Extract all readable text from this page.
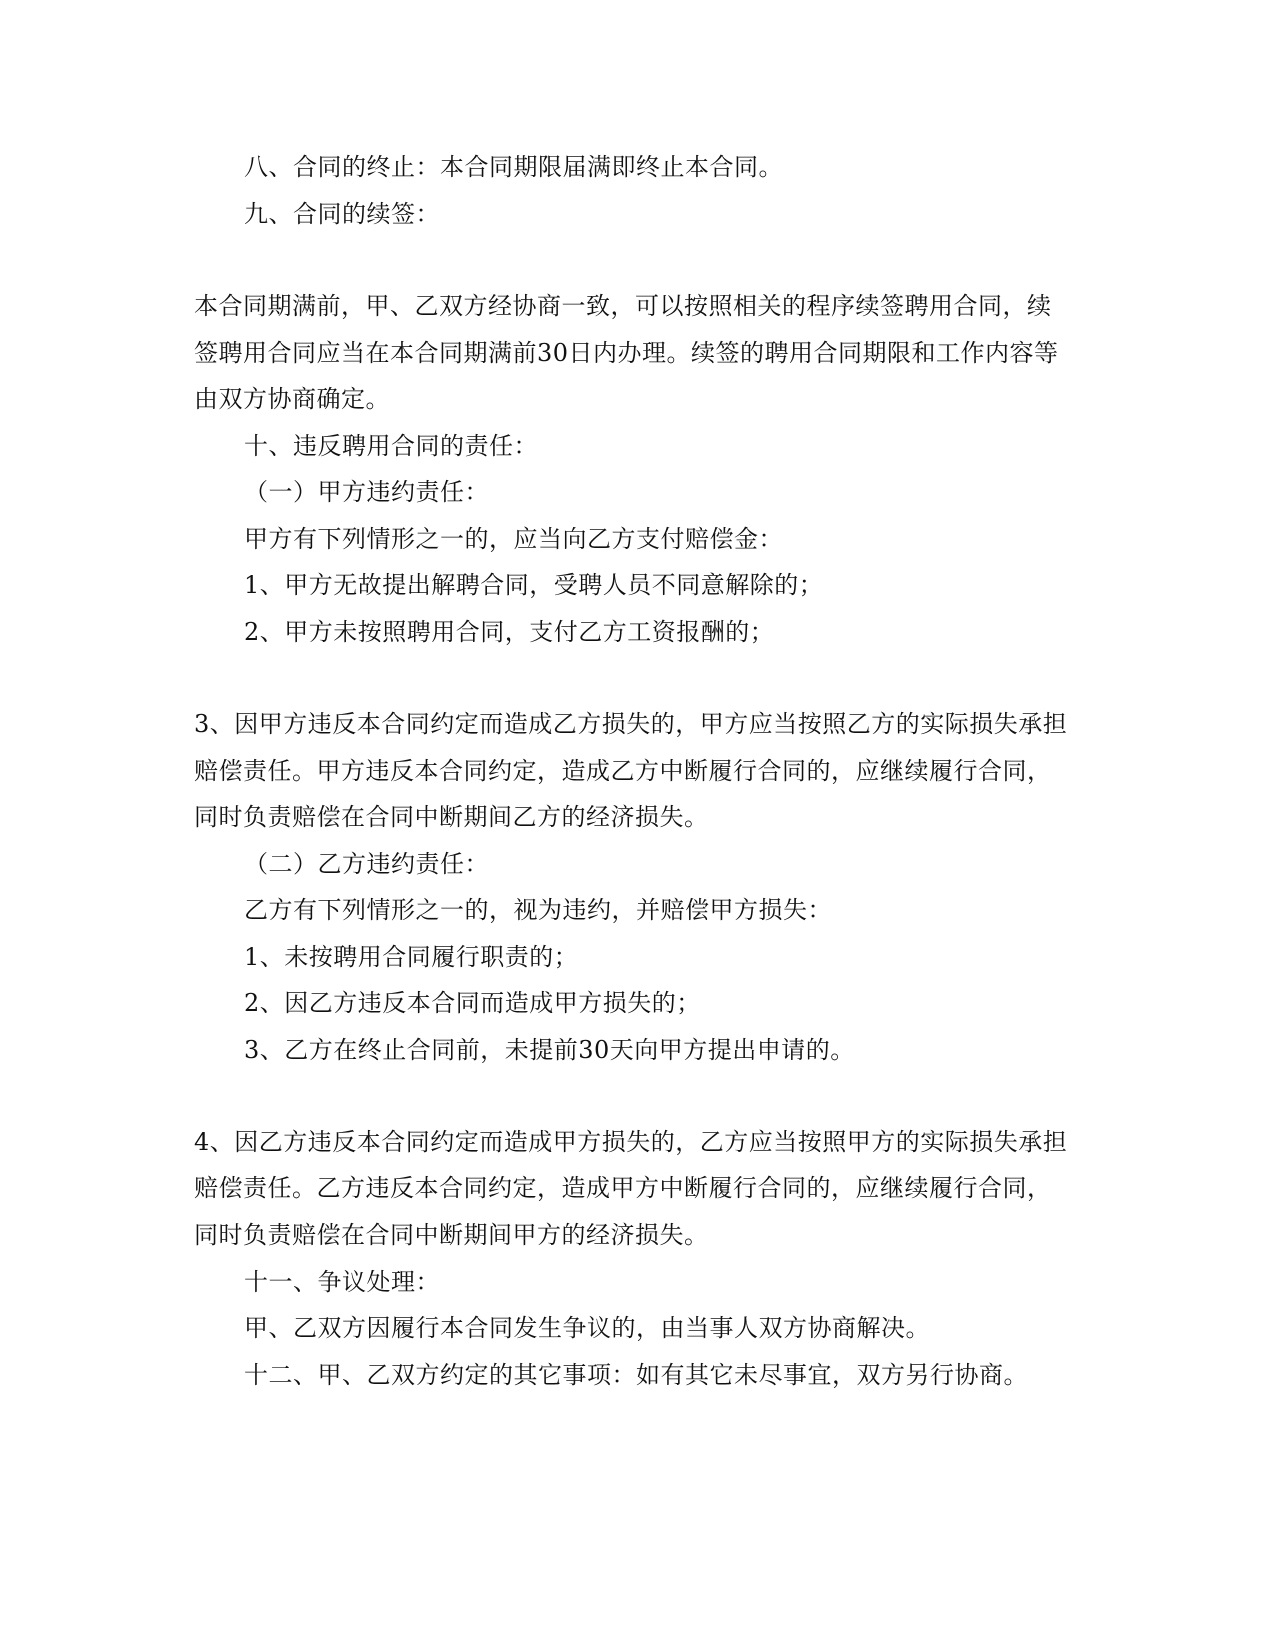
八、合同的终止：本合同期限届满即终止本合同。

九、合同的续签：

本合同期满前，甲、乙双方经协商一致，可以按照相关的程序续签聘用合同，续

签聘用合同应当在本合同期满前30日内办理。续签的聘用合同期限和工作内容等

由双方协商确定。

十、违反聘用合同的责任：

（一）甲方违约责任：

甲方有下列情形之一的，应当向乙方支付赔偿金：

1、甲方无故提出解聘合同，受聘人员不同意解除的；

2、甲方未按照聘用合同，支付乙方工资报酬的；

3、因甲方违反本合同约定而造成乙方损失的，甲方应当按照乙方的实际损失承担

赔偿责任。甲方违反本合同约定，造成乙方中断履行合同的，应继续履行合同，

同时负责赔偿在合同中断期间乙方的经济损失。

（二）乙方违约责任：

乙方有下列情形之一的，视为违约，并赔偿甲方损失：

1、未按聘用合同履行职责的；

2、因乙方违反本合同而造成甲方损失的；

3、乙方在终止合同前，未提前30天向甲方提出申请的。

4、因乙方违反本合同约定而造成甲方损失的，乙方应当按照甲方的实际损失承担

赔偿责任。乙方违反本合同约定，造成甲方中断履行合同的，应继续履行合同，

同时负责赔偿在合同中断期间甲方的经济损失。

十一、争议处理：

甲、乙双方因履行本合同发生争议的，由当事人双方协商解决。

十二、甲、乙双方约定的其它事项：如有其它未尽事宜，双方另行协商。
